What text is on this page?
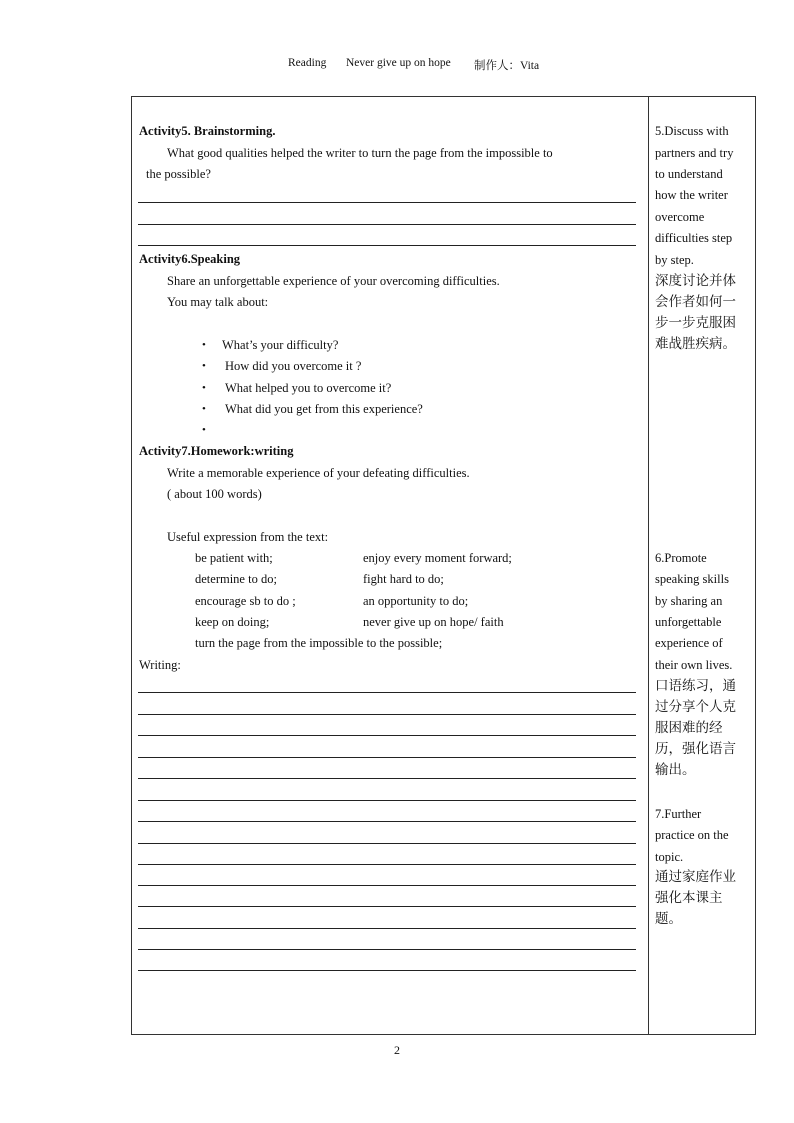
Reading Never give up on hope 制作人：Vita
Activity5. Brainstorming.
What good qualities helped the writer to turn the page from the impossible to
the possible?
Activity6.Speaking
Share an unforgettable experience of your overcoming difficulties.
You may talk about:
• What’s your difficulty?
• How did you overcome it ?
• What helped you to overcome it?
• What did you get from this experience?
•
Activity7.Homework:writing
Write a memorable experience of your defeating difficulties.
( about 100 words)
Useful expression from the text:
be patient with;	enjoy every moment forward;
determine to do;	fight hard to do;
encourage sb to do ;	an opportunity to do;
keep on doing;	never give up on hope/ faith
turn the page from the impossible to the possible;
Writing:
5.Discuss with
partners and try
to understand
how the writer
overcome
difficulties step
by step.
深度讨论并体
会作者如何一
步一步克服困
难战胜疾病。
6.Promote
speaking skills
by sharing an
unforgettable
experience of
their own lives.
口语练习，通
过分享个人克
服困难的经
历，强化语言
输出。
7.Further
practice on the
topic.
通过家庭作业
强化本课主
题。
2
